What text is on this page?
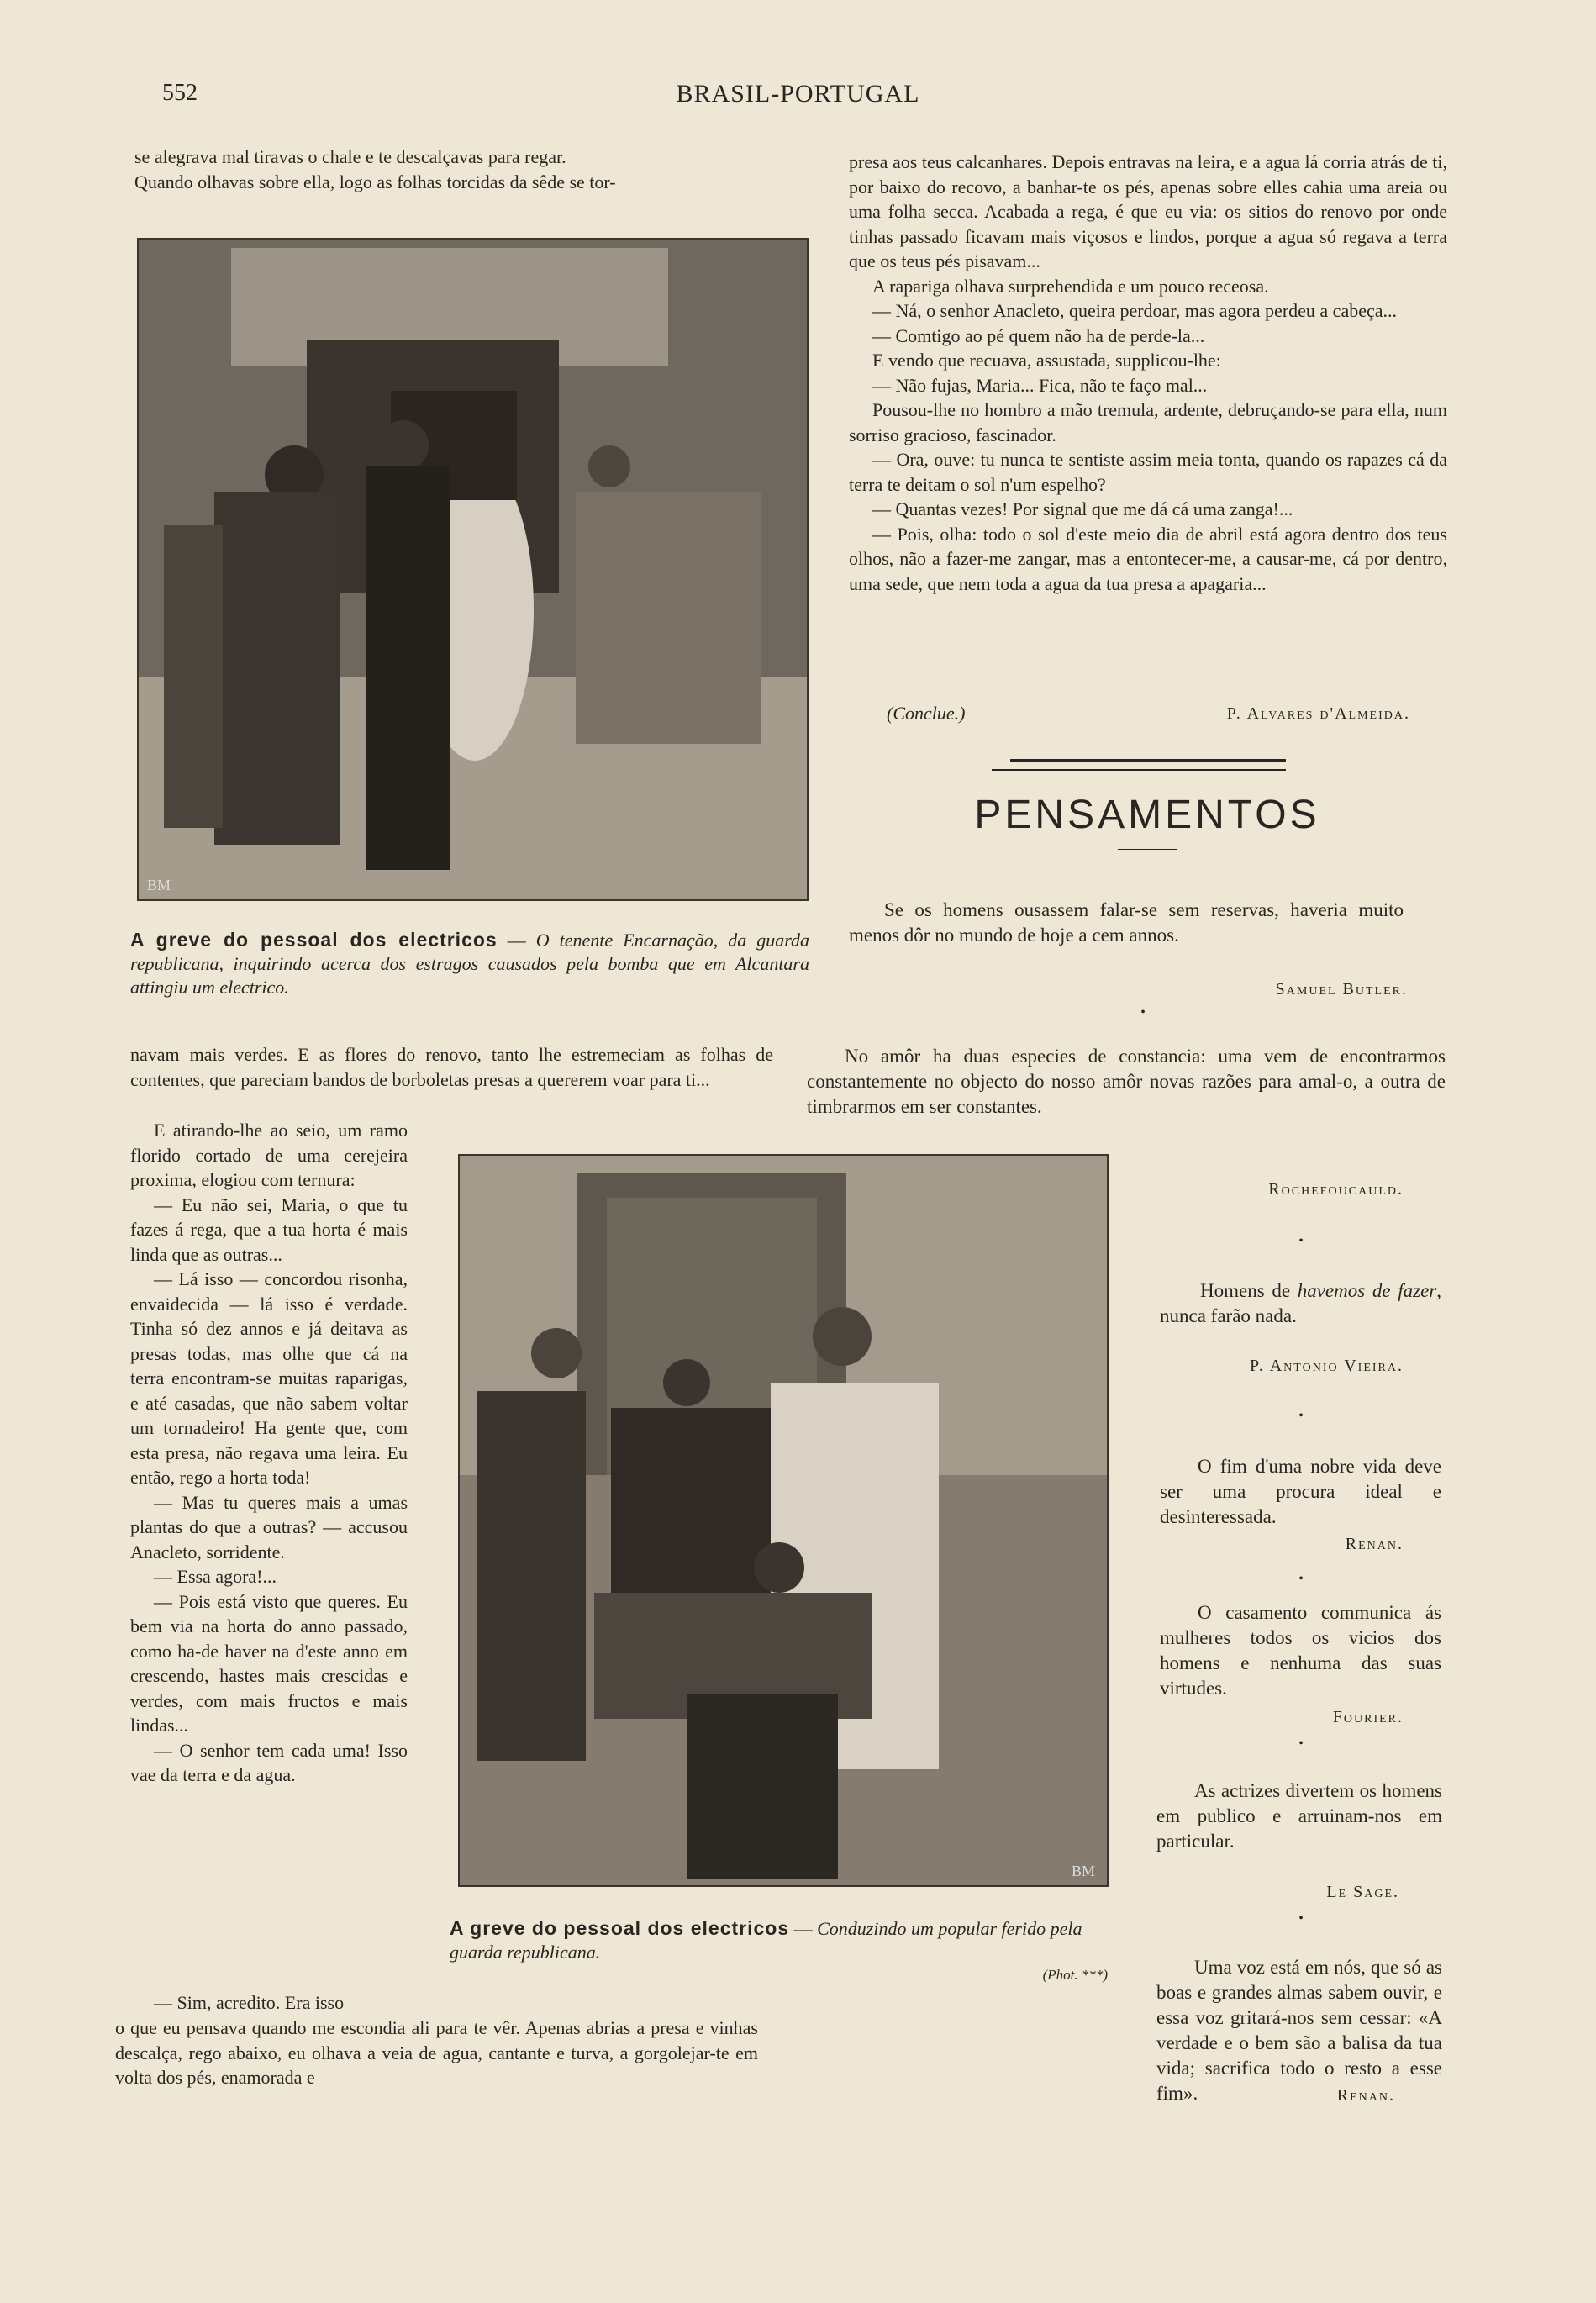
552	BRASIL-PORTUGAL

se alegrava mal tiravas o chale e te descalçavas para regar.

Quando olhavas sobre ella, logo as folhas torcidas da sêde se tor-

BM
A greve do pessoal dos electricos — O tenente Encarnação, da guarda republicana, inquirindo acerca dos estragos causados pela bomba que em Alcantara attingiu um electrico.

presa aos teus calcanhares. Depois entravas na leira, e a agua lá corria atrás de ti, por baixo do recovo, a banhar-te os pés, apenas sobre elles cahia uma areia ou uma folha secca. Acabada a rega, é que eu via: os sitios do renovo por onde tinhas passado ficavam mais viçosos e lindos, porque a agua só regava a terra que os teus pés pisavam...

A rapariga olhava surprehendida e um pouco receosa.

— Ná, o senhor Anacleto, queira perdoar, mas agora perdeu a cabeça...

— Comtigo ao pé quem não ha de perde-la...

E vendo que recuava, assustada, supplicou-lhe:

— Não fujas, Maria... Fica, não te faço mal...

Pousou-lhe no hombro a mão tremula, ardente, debruçando-se para ella, num sorriso gracioso, fascinador.

— Ora, ouve: tu nunca te sentiste assim meia tonta, quando os rapazes cá da terra te deitam o sol n'um espelho?

— Quantas vezes! Por signal que me dá cá uma zanga!...

— Pois, olha: todo o sol d'este meio dia de abril está agora dentro dos teus olhos, não a fazer-me zangar, mas a entontecer-me, a causar-me, cá por dentro, uma sede, que nem toda a agua da tua presa a apagaria...

(Conclue.)	P. Alvares d'Almeida.
PENSAMENTOS
Se os homens ousassem falar-se sem reservas, haveria muito menos dôr no mundo de hoje a cem annos.
Samuel Butler.
•
No amôr ha duas especies de constancia: uma vem de encontrarmos constantemente no objecto do nosso amôr novas razões para amal-o, a outra de timbrarmos em ser constantes.
Rochefoucauld.
•
Homens de havemos de fazer, nunca farão nada.
P. Antonio Vieira.
•
O fim d'uma nobre vida deve ser uma procura ideal e desinteressada.
Renan.
•
O casamento communica ás mulheres todos os vicios dos homens e nenhuma das suas virtudes.
Fourier.
•
As actrizes divertem os homens em publico e arruinam-nos em particular.
Le Sage.
•
Uma voz está em nós, que só as boas e grandes almas sabem ouvir, e essa voz gritará-nos sem cessar: «A verdade e o bem são a balisa da tua vida; sacrifica todo o resto a esse fim».	Renan.

navam mais verdes. E as flores do renovo, tanto lhe estremeciam as folhas de contentes, que pareciam bandos de borboletas presas a quererem voar para ti...

E atirando-lhe ao seio, um ramo florido cortado de uma cerejeira proxima, elogiou com ternura:

— Eu não sei, Maria, o que tu fazes á rega, que a tua horta é mais linda que as outras...

— Lá isso — concordou risonha, envaidecida — lá isso é verdade. Tinha só dez annos e já deitava as presas todas, mas olhe que cá na terra encontram-se muitas raparigas, e até casadas, que não sabem voltar um tornadeiro! Ha gente que, com esta presa, não regava uma leira. Eu então, rego a horta toda!

— Mas tu queres mais a umas plantas do que a outras? — accusou Anacleto, sorridente.

— Essa agora!...

— Pois está visto que queres. Eu bem via na horta do anno passado, como ha-de haver na d'este anno em crescendo, hastes mais crescidas e verdes, com mais fructos e mais lindas...

— O senhor tem cada uma! Isso vae da terra e da agua.

— Sim, acredito. Era isso

o que eu pensava quando me escondia ali para te vêr. Apenas abrias a presa e vinhas descalça, rego abaixo, eu olhava a veia de agua, cantante e turva, a gorgolejar-te em volta dos pés, enamorada e

BM
A greve do pessoal dos electricos — Conduzindo um popular ferido pela guarda republicana.
(Phot. ***)
